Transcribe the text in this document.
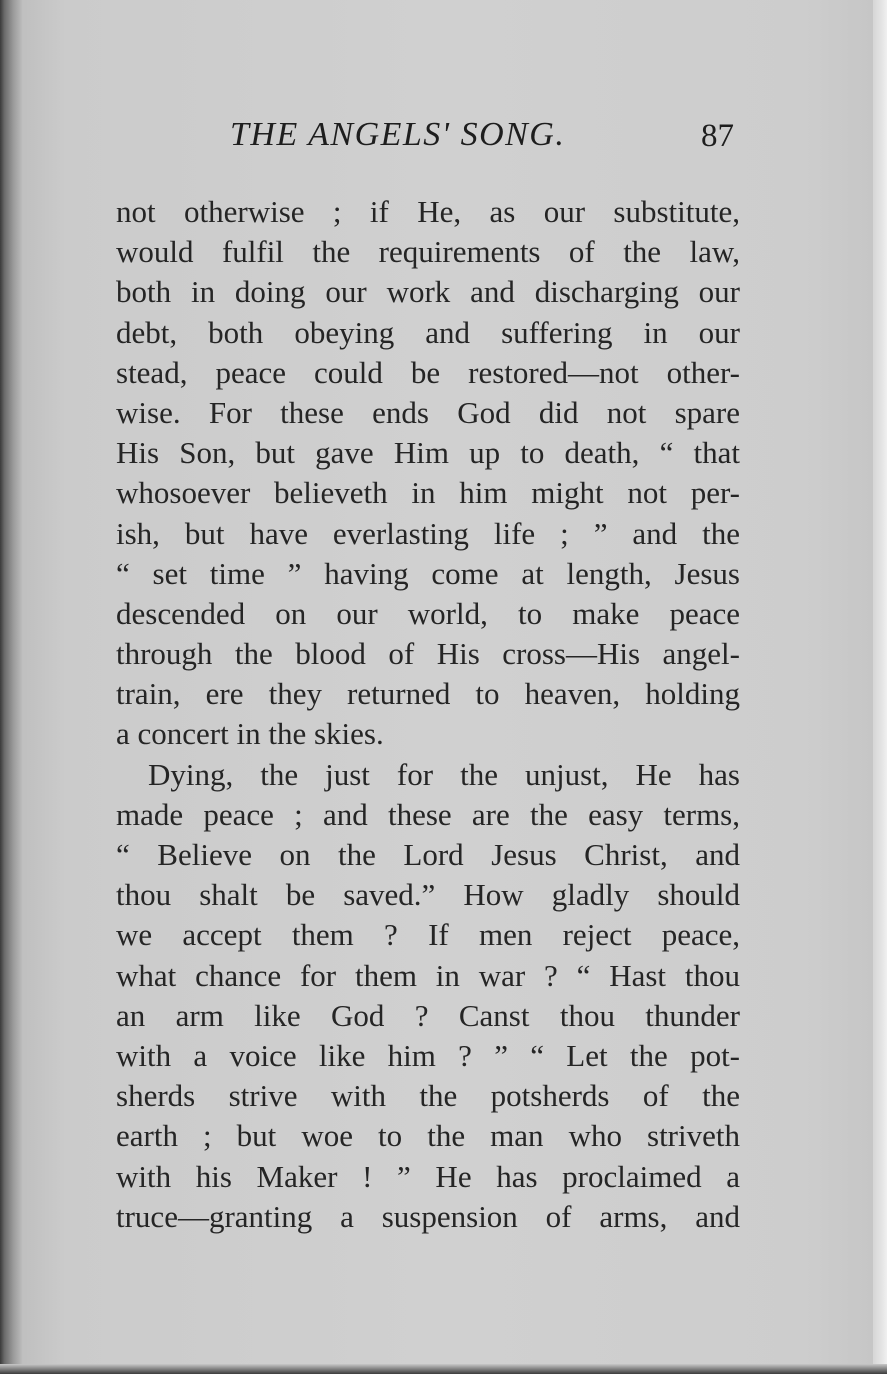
THE ANGELS' SONG.	87
not otherwise ; if He, as our substitute,
would fulfil the requirements of the law,
both in doing our work and discharging our
debt, both obeying and suffering in our
stead, peace could be restored—not other-
wise. For these ends God did not spare
His Son, but gave Him up to death, “ that
whosoever believeth in him might not per-
ish, but have everlasting life ; ” and the
“ set time ” having come at length, Jesus
descended on our world, to make peace
through the blood of His cross—His angel-
train, ere they returned to heaven, holding
a concert in the skies.
Dying, the just for the unjust, He has
made peace ; and these are the easy terms,
“ Believe on the Lord Jesus Christ, and
thou shalt be saved.” How gladly should
we accept them ? If men reject peace,
what chance for them in war ? “ Hast thou
an arm like God ? Canst thou thunder
with a voice like him ? ” “ Let the pot-
sherds strive with the potsherds of the
earth ; but woe to the man who striveth
with his Maker ! ” He has proclaimed a
truce—granting a suspension of arms, and
